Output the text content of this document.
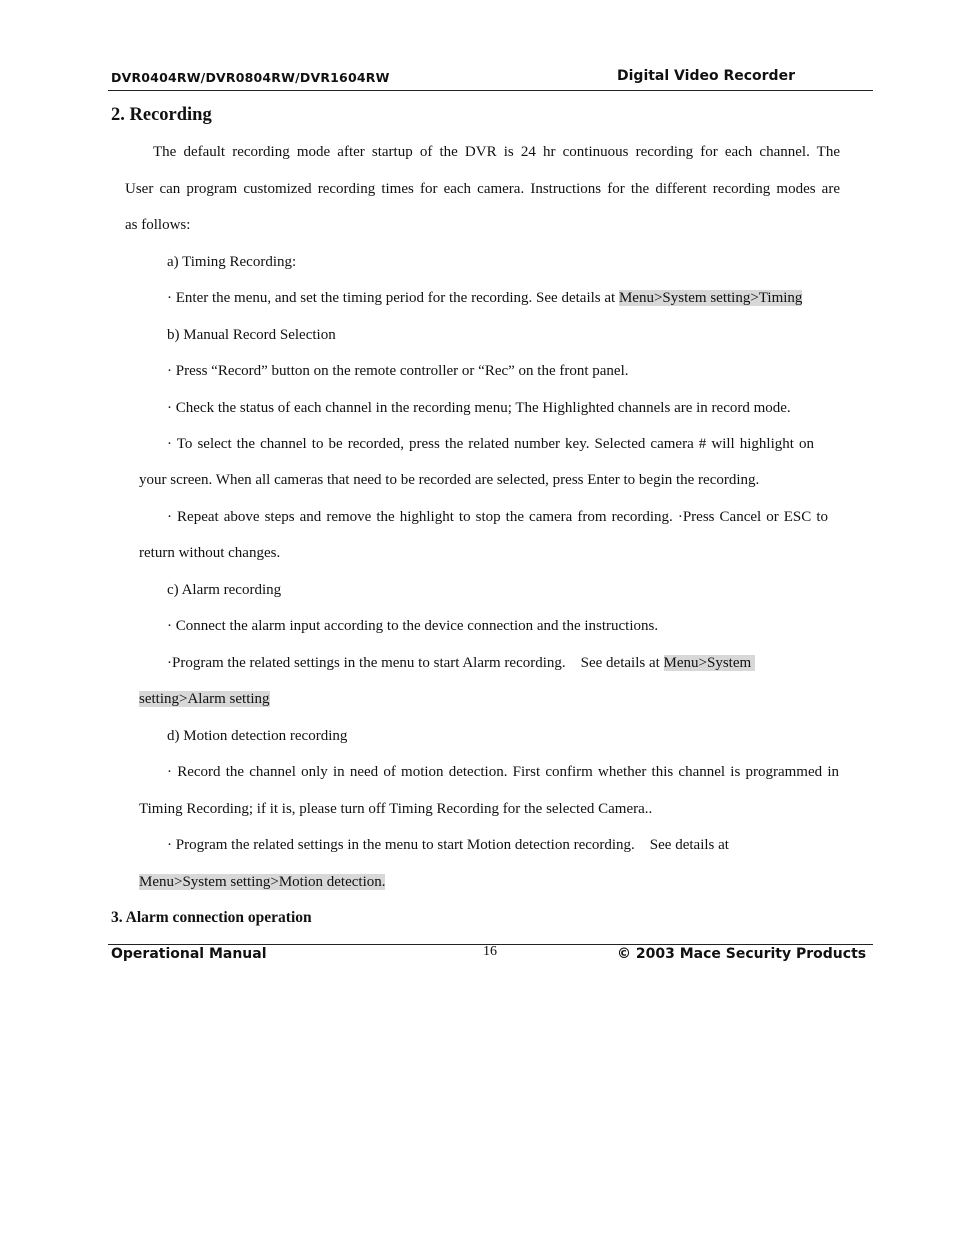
DVR0404RW/DVR0804RW/DVR1604RW	Digital Video Recorder
2. Recording
The default recording mode after startup of the DVR is 24 hr continuous recording for each channel. The
User can program customized recording times for each camera. Instructions for the different recording modes are
as follows:
a) Timing Recording:
· Enter the menu, and set the timing period for the recording. See details at Menu>System setting>Timing
b) Manual Record Selection
· Press “Record” button on the remote controller or “Rec” on the front panel.
· Check the status of each channel in the recording menu; The Highlighted channels are in record mode.
· To select the channel to be recorded, press the related number key. Selected camera # will highlight on
your screen. When all cameras that need to be recorded are selected, press Enter to begin the recording.
· Repeat above steps and remove the highlight to stop the camera from recording. ·Press Cancel or ESC to
return without changes.
c) Alarm recording
· Connect the alarm input according to the device connection and the instructions.
·Program the related settings in the menu to start Alarm recording.    See details at Menu>System
setting>Alarm setting
d) Motion detection recording
· Record the channel only in need of motion detection. First confirm whether this channel is programmed in
Timing Recording; if it is, please turn off Timing Recording for the selected Camera..
· Program the related settings in the menu to start Motion detection recording.    See details at
Menu>System setting>Motion detection.
3. Alarm connection operation
Operational Manual	16	© 2003 Mace Security Products
